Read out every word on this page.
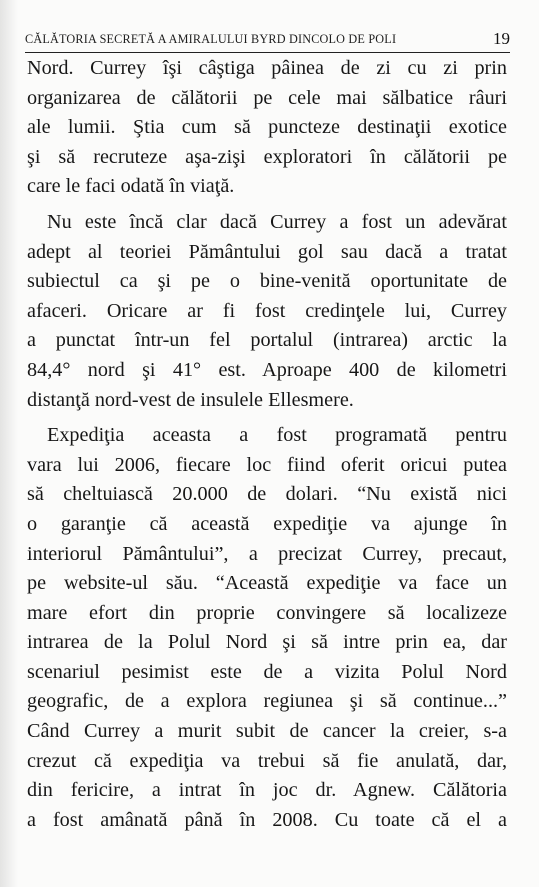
CĂLĂTORIA SECRETĂ A AMIRALULUI BYRD DINCOLO DE POLI	19
Nord. Currey îşi câştiga pâinea de zi cu zi prin
organizarea de călătorii pe cele mai sălbatice râuri
ale lumii. Ştia cum să puncteze destinaţii exotice
şi să recruteze aşa-zişi exploratori în călătorii pe
care le faci odată în viaţă.
Nu este încă clar dacă Currey a fost un adevărat
adept al teoriei Pământului gol sau dacă a tratat
subiectul ca şi pe o bine-venită oportunitate de
afaceri. Oricare ar fi fost credinţele lui, Currey
a punctat într-un fel portalul (intrarea) arctic la
84,4° nord şi 41° est. Aproape 400 de kilometri
distanţă nord-vest de insulele Ellesmere.
Expediţia aceasta a fost programată pentru
vara lui 2006, fiecare loc fiind oferit oricui putea
să cheltuiască 20.000 de dolari. “Nu există nici
o garanţie că această expediţie va ajunge în
interiorul Pământului”, a precizat Currey, precaut,
pe website-ul său. “Această expediţie va face un
mare efort din proprie convingere să localizeze
intrarea de la Polul Nord şi să intre prin ea, dar
scenariul pesimist este de a vizita Polul Nord
geografic, de a explora regiunea şi să continue...”
Când Currey a murit subit de cancer la creier, s-a
crezut că expediţia va trebui să fie anulată, dar,
din fericire, a intrat în joc dr. Agnew. Călătoria
a fost amânată până în 2008. Cu toate că el a
